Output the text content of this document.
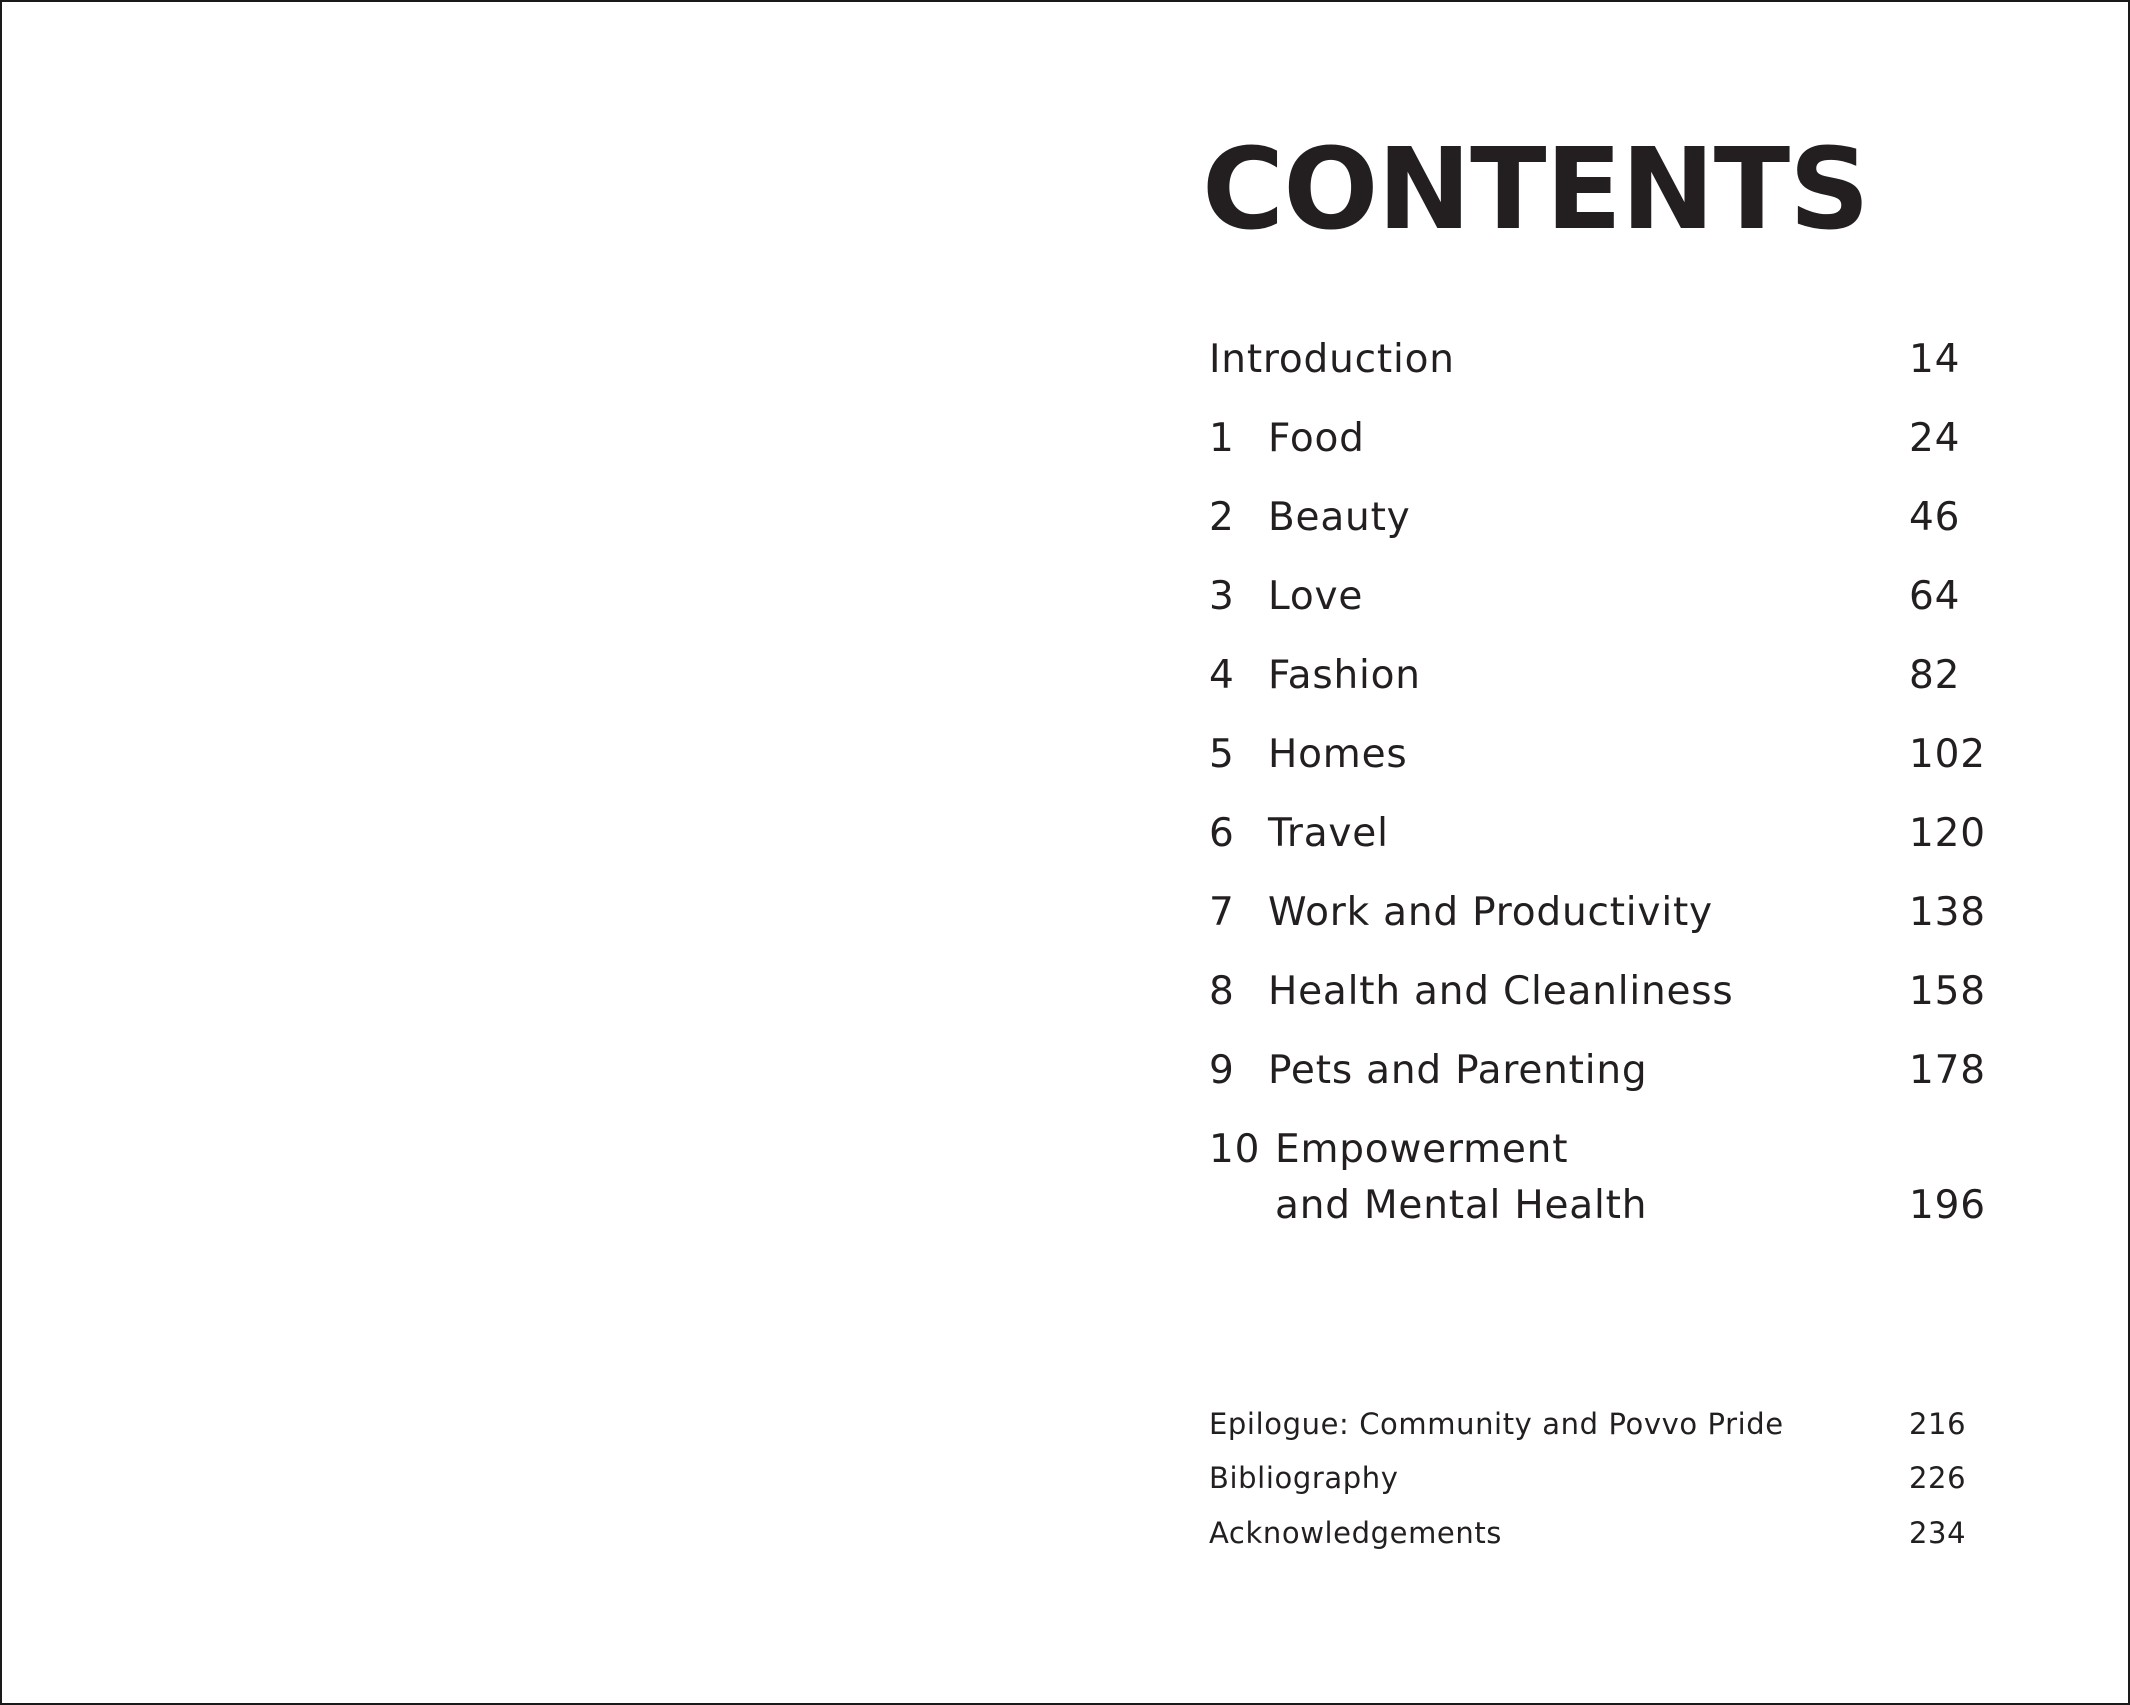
CONTENTS
Introduction	14
1 Food	24
2 Beauty	46
3 Love	64
4 Fashion	82
5 Homes	102
6 Travel	120
7 Work and Productivity	138
8 Health and Cleanliness	158
9 Pets and Parenting	178
10 Empowerment
and Mental Health	196
Epilogue: Community and Povvo Pride	216
Bibliography	226
Acknowledgements	234
